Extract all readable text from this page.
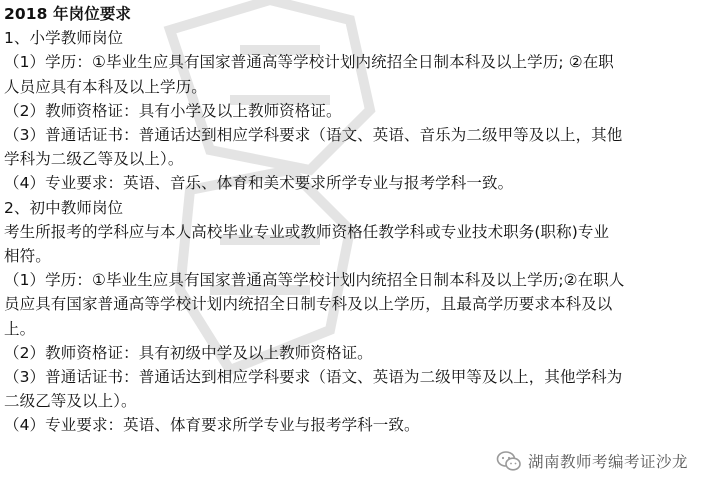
2018 年岗位要求
1、小学教师岗位
（1）学历：①毕业生应具有国家普通高等学校计划内统招全日制本科及以上学历; ②在职
人员应具有本科及以上学历。
（2）教师资格证：具有小学及以上教师资格证。
（3）普通话证书：普通话达到相应学科要求（语文、英语、音乐为二级甲等及以上，其他
学科为二级乙等及以上）。
（4）专业要求：英语、音乐、体育和美术要求所学专业与报考学科一致。
2、初中教师岗位
考生所报考的学科应与本人高校毕业专业或教师资格任教学科或专业技术职务(职称)专业
相符。
（1）学历：①毕业生应具有国家普通高等学校计划内统招全日制本科及以上学历;②在职人
员应具有国家普通高等学校计划内统招全日制专科及以上学历，且最高学历要求本科及以
上。
（2）教师资格证：具有初级中学及以上教师资格证。
（3）普通话证书：普通话达到相应学科要求（语文、英语为二级甲等及以上，其他学科为
二级乙等及以上）。
（4）专业要求：英语、体育要求所学专业与报考学科一致。
湖南教师考编考证沙龙
